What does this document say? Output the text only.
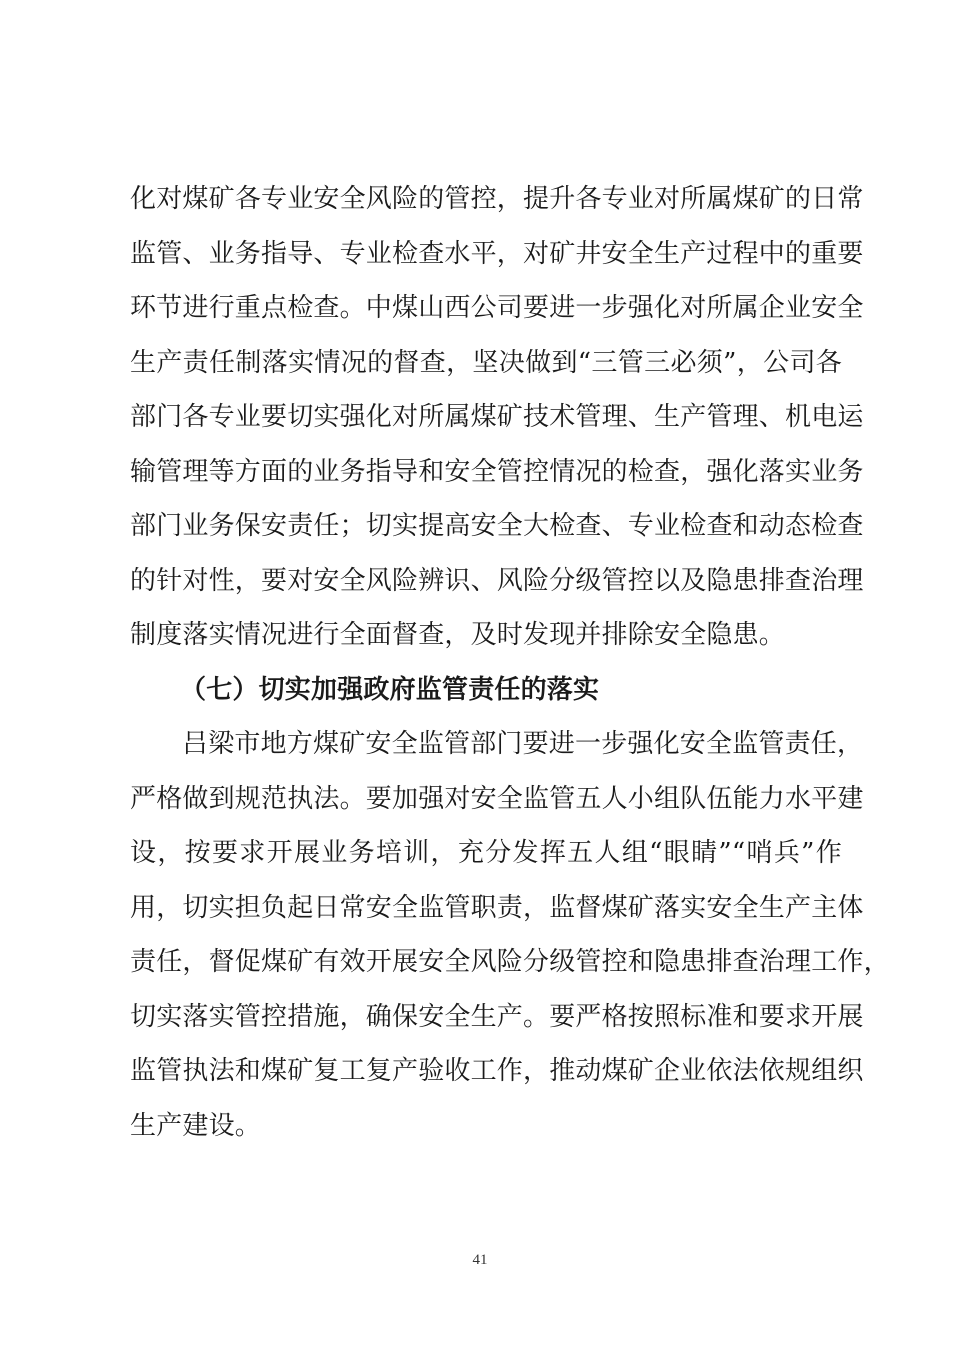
化对煤矿各专业安全风险的管控，提升各专业对所属煤矿的日常
监管、业务指导、专业检查水平，对矿井安全生产过程中的重要
环节进行重点检查。中煤山西公司要进一步强化对所属企业安全
生产责任制落实情况的督查，坚决做到“三管三必须”，公司各
部门各专业要切实强化对所属煤矿技术管理、生产管理、机电运
输管理等方面的业务指导和安全管控情况的检查，强化落实业务
部门业务保安责任；切实提高安全大检查、专业检查和动态检查
的针对性，要对安全风险辨识、风险分级管控以及隐患排查治理
制度落实情况进行全面督查，及时发现并排除安全隐患。
（七）切实加强政府监管责任的落实
吕梁市地方煤矿安全监管部门要进一步强化安全监管责任，
严格做到规范执法。要加强对安全监管五人小组队伍能力水平建
设，按要求开展业务培训，充分发挥五人组“眼睛”“哨兵”作
用，切实担负起日常安全监管职责，监督煤矿落实安全生产主体
责任，督促煤矿有效开展安全风险分级管控和隐患排查治理工作，
切实落实管控措施，确保安全生产。要严格按照标准和要求开展
监管执法和煤矿复工复产验收工作，推动煤矿企业依法依规组织
生产建设。
41
